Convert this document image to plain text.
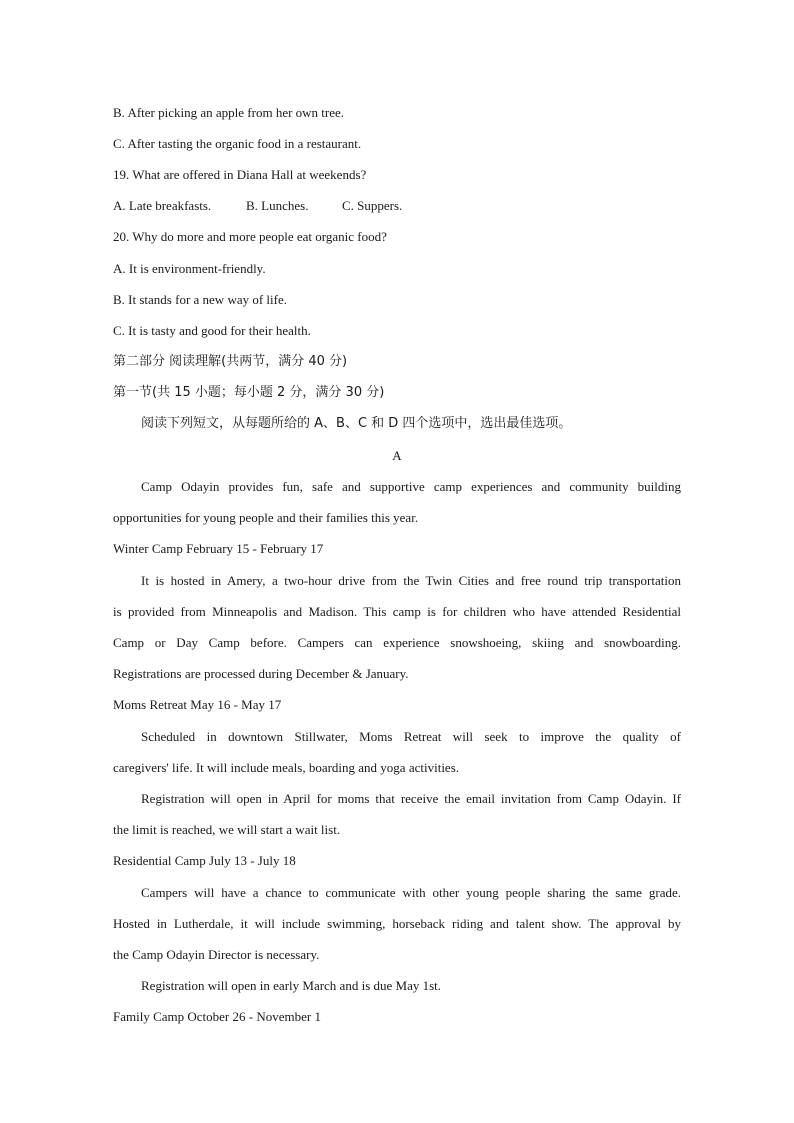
B. After picking an apple from her own tree.
C. After tasting the organic food in a restaurant.
19. What are offered in Diana Hall at weekends?
A. Late breakfasts.	B. Lunches.	C. Suppers.
20. Why do more and more people eat organic food?
A. It is environment-friendly.
B. It stands for a new way of life.
C. It is tasty and good for their health.
第二部分 阅读理解(共两节，满分 40 分)
第一节(共 15 小题；每小题 2 分，满分 30 分)
阅读下列短文，从每题所给的 A、B、C 和 D 四个选项中，选出最佳选项。
A
Camp Odayin provides fun, safe and supportive camp experiences and community building
opportunities for young people and their families this year.
Winter Camp February 15 - February 17
It is hosted in Amery, a two-hour drive from the Twin Cities and free round trip transportation
is provided from Minneapolis and Madison. This camp is for children who have attended Residential
Camp or Day Camp before. Campers can experience snowshoeing, skiing and snowboarding.
Registrations are processed during December & January.
Moms Retreat May 16 - May 17
Scheduled in downtown Stillwater, Moms Retreat will seek to improve the quality of
caregivers' life. It will include meals, boarding and yoga activities.
Registration will open in April for moms that receive the email invitation from Camp Odayin. If
the limit is reached, we will start a wait list.
Residential Camp July 13 - July 18
Campers will have a chance to communicate with other young people sharing the same grade.
Hosted in Lutherdale, it will include swimming, horseback riding and talent show. The approval by
the Camp Odayin Director is necessary.
Registration will open in early March and is due May 1st.
Family Camp October 26 - November 1
